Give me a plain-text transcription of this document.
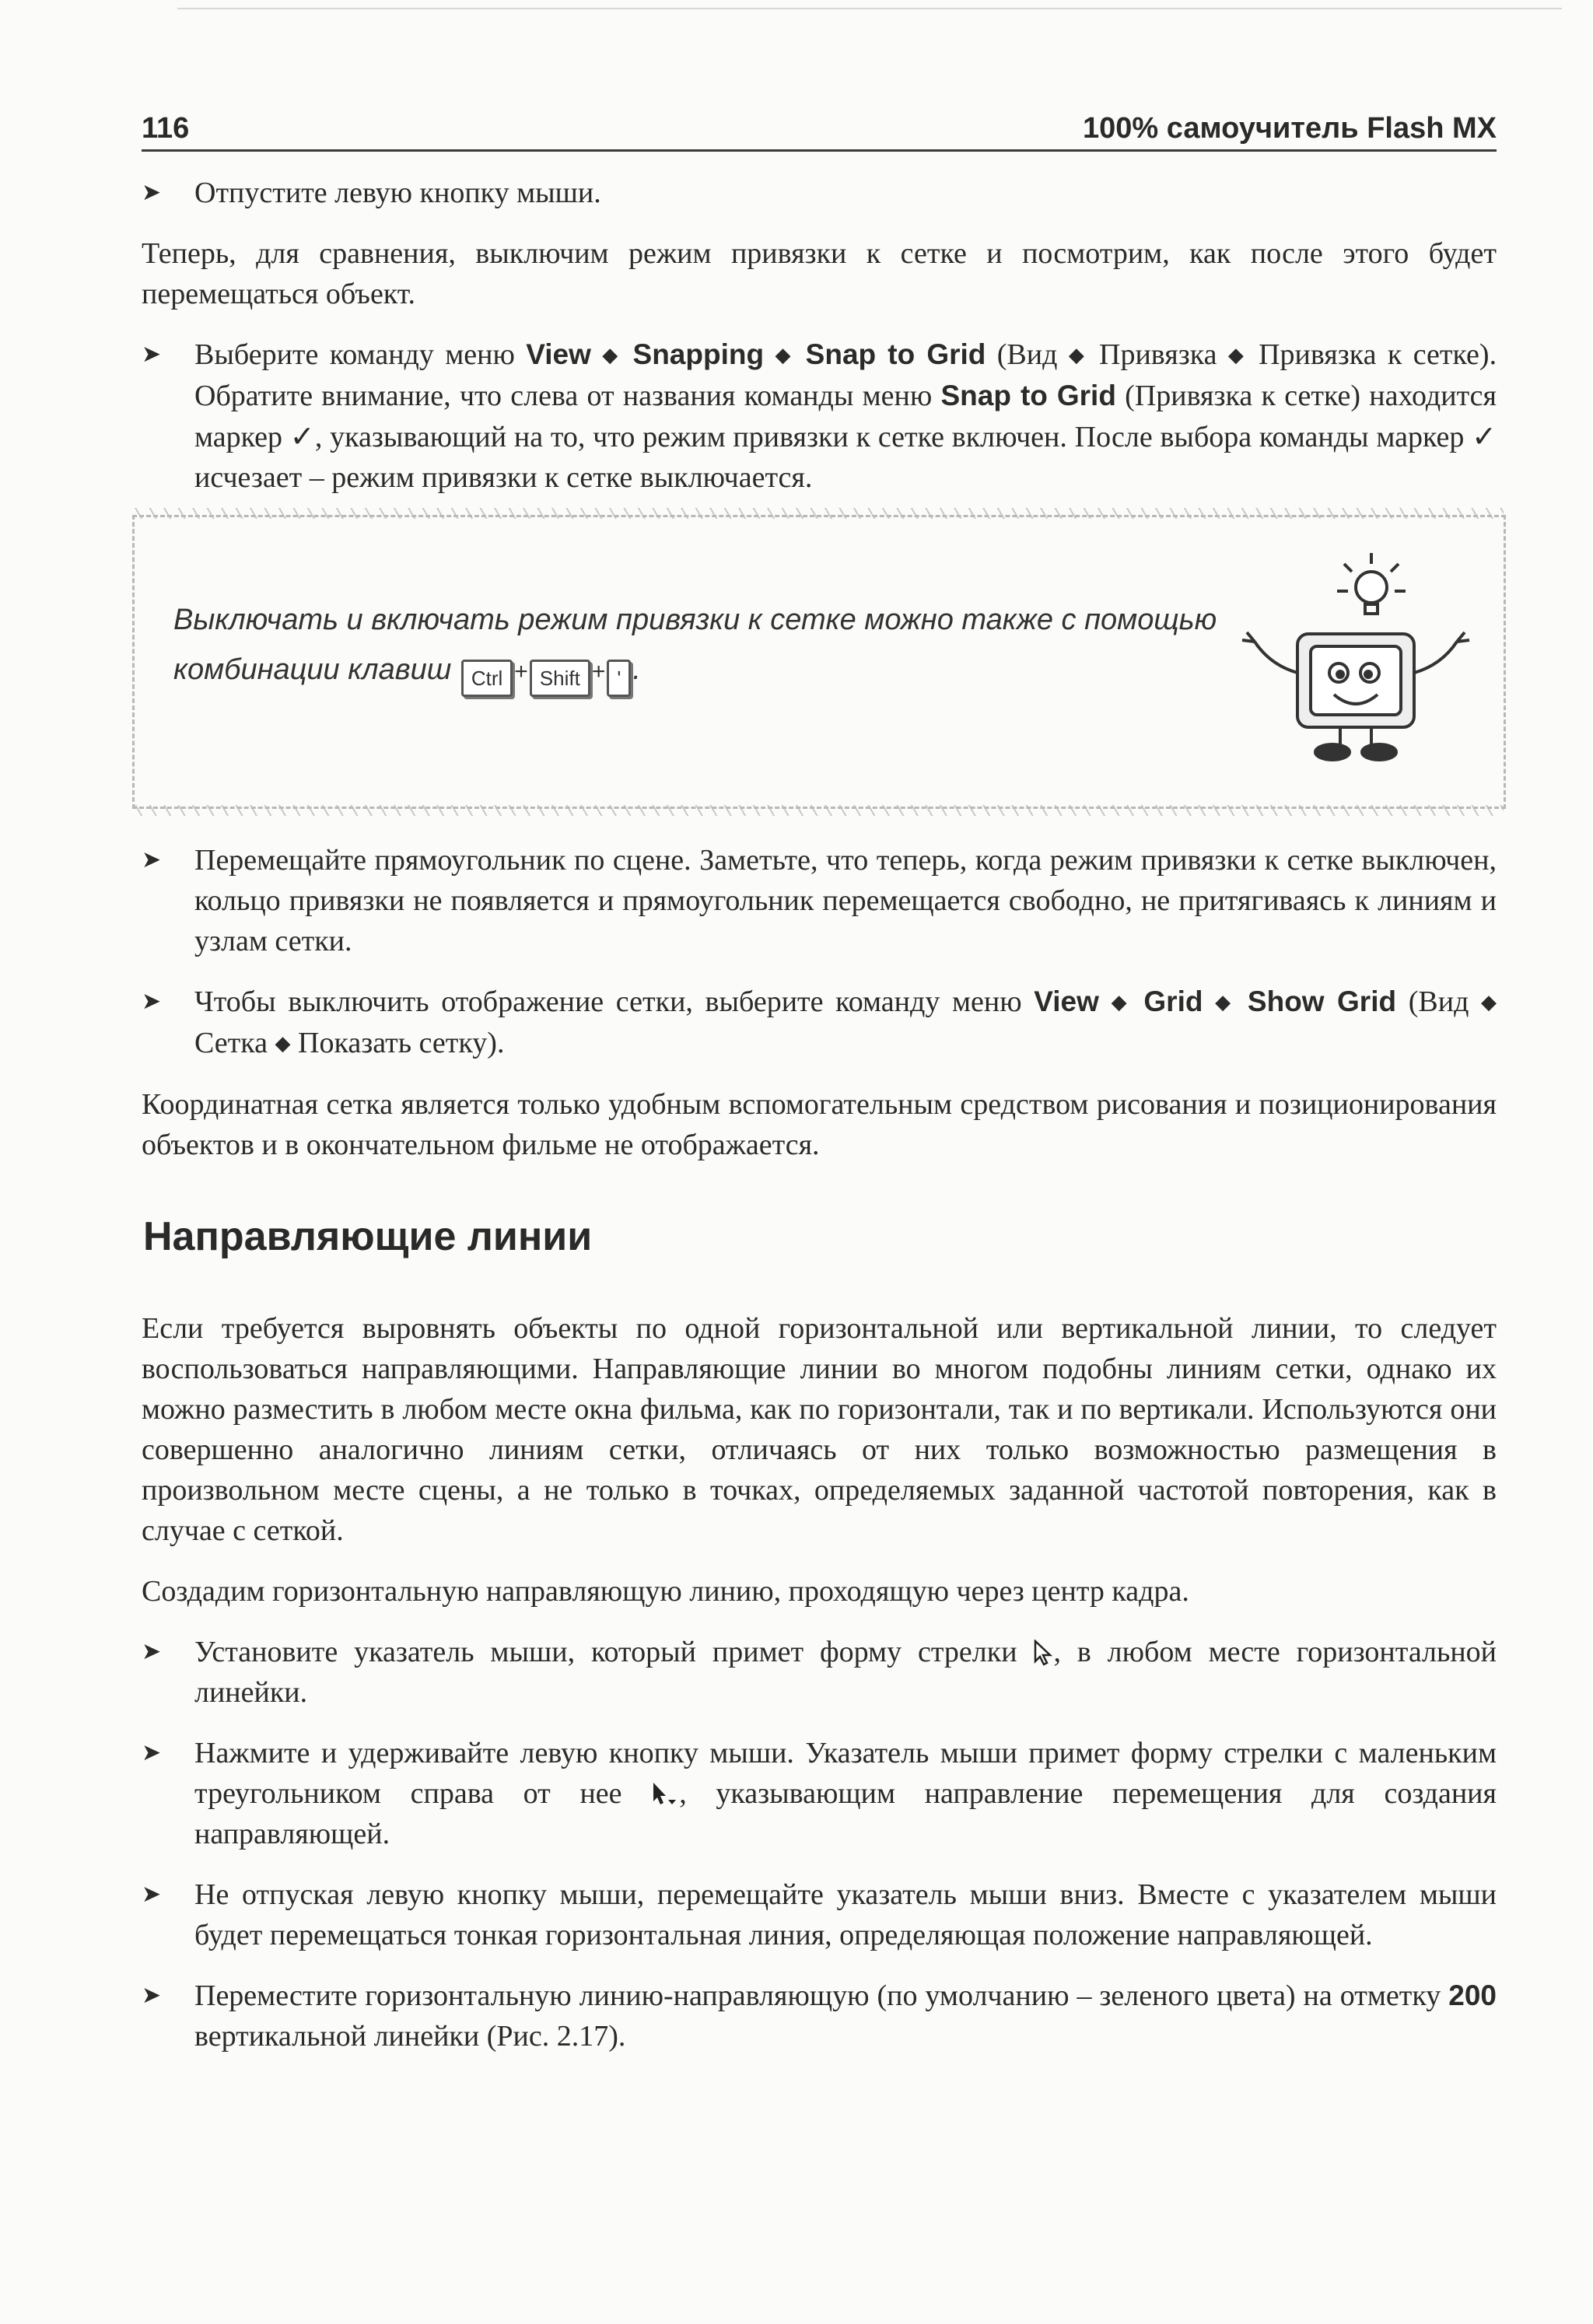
116	100% самоучитель Flash MX

➤ Отпустите левую кнопку мыши.

Теперь, для сравнения, выключим режим привязки к сетке и посмотрим, как после этого будет перемещаться объект.

➤ Выберите команду меню View ◆ Snapping ◆ Snap to Grid (Вид ◆ Привязка ◆ Привязка к сетке). Обратите внимание, что слева от названия команды меню Snap to Grid (Привязка к сетке) находится маркер ✓, указывающий на то, что режим привязки к сетке включен. После выбора команды маркер ✓ исчезает – режим привязки к сетке выключается.

Выключать и включать режим привязки к сетке можно также с помощью комбинации клавиш Ctrl + Shift + ' .

➤ Перемещайте прямоугольник по сцене. Заметьте, что теперь, когда режим привязки к сетке выключен, кольцо привязки не появляется и прямоугольник перемещается свободно, не притягиваясь к линиям и узлам сетки.

➤ Чтобы выключить отображение сетки, выберите команду меню View ◆ Grid ◆ Show Grid (Вид ◆ Сетка ◆ Показать сетку).

Координатная сетка является только удобным вспомогательным средством рисования и позиционирования объектов и в окончательном фильме не отображается.

Направляющие линии

Если требуется выровнять объекты по одной горизонтальной или вертикальной линии, то следует воспользоваться направляющими. Направляющие линии во многом подобны линиям сетки, однако их можно разместить в любом месте окна фильма, как по горизонтали, так и по вертикали. Используются они совершенно аналогично линиям сетки, отличаясь от них только возможностью размещения в произвольном месте сцены, а не только в точках, определяемых заданной частотой повторения, как в случае с сеткой.

Создадим горизонтальную направляющую линию, проходящую через центр кадра.

➤ Установите указатель мыши, который примет форму стрелки , в любом месте горизонтальной линейки.

➤ Нажмите и удерживайте левую кнопку мыши. Указатель мыши примет форму стрелки с маленьким треугольником справа от нее , указывающим направление перемещения для создания направляющей.

➤ Не отпуская левую кнопку мыши, перемещайте указатель мыши вниз. Вместе с указателем мыши будет перемещаться тонкая горизонтальная линия, определяющая положение направляющей.

➤ Переместите горизонтальную линию-направляющую (по умолчанию – зеленого цвета) на отметку 200 вертикальной линейки (Рис. 2.17).
